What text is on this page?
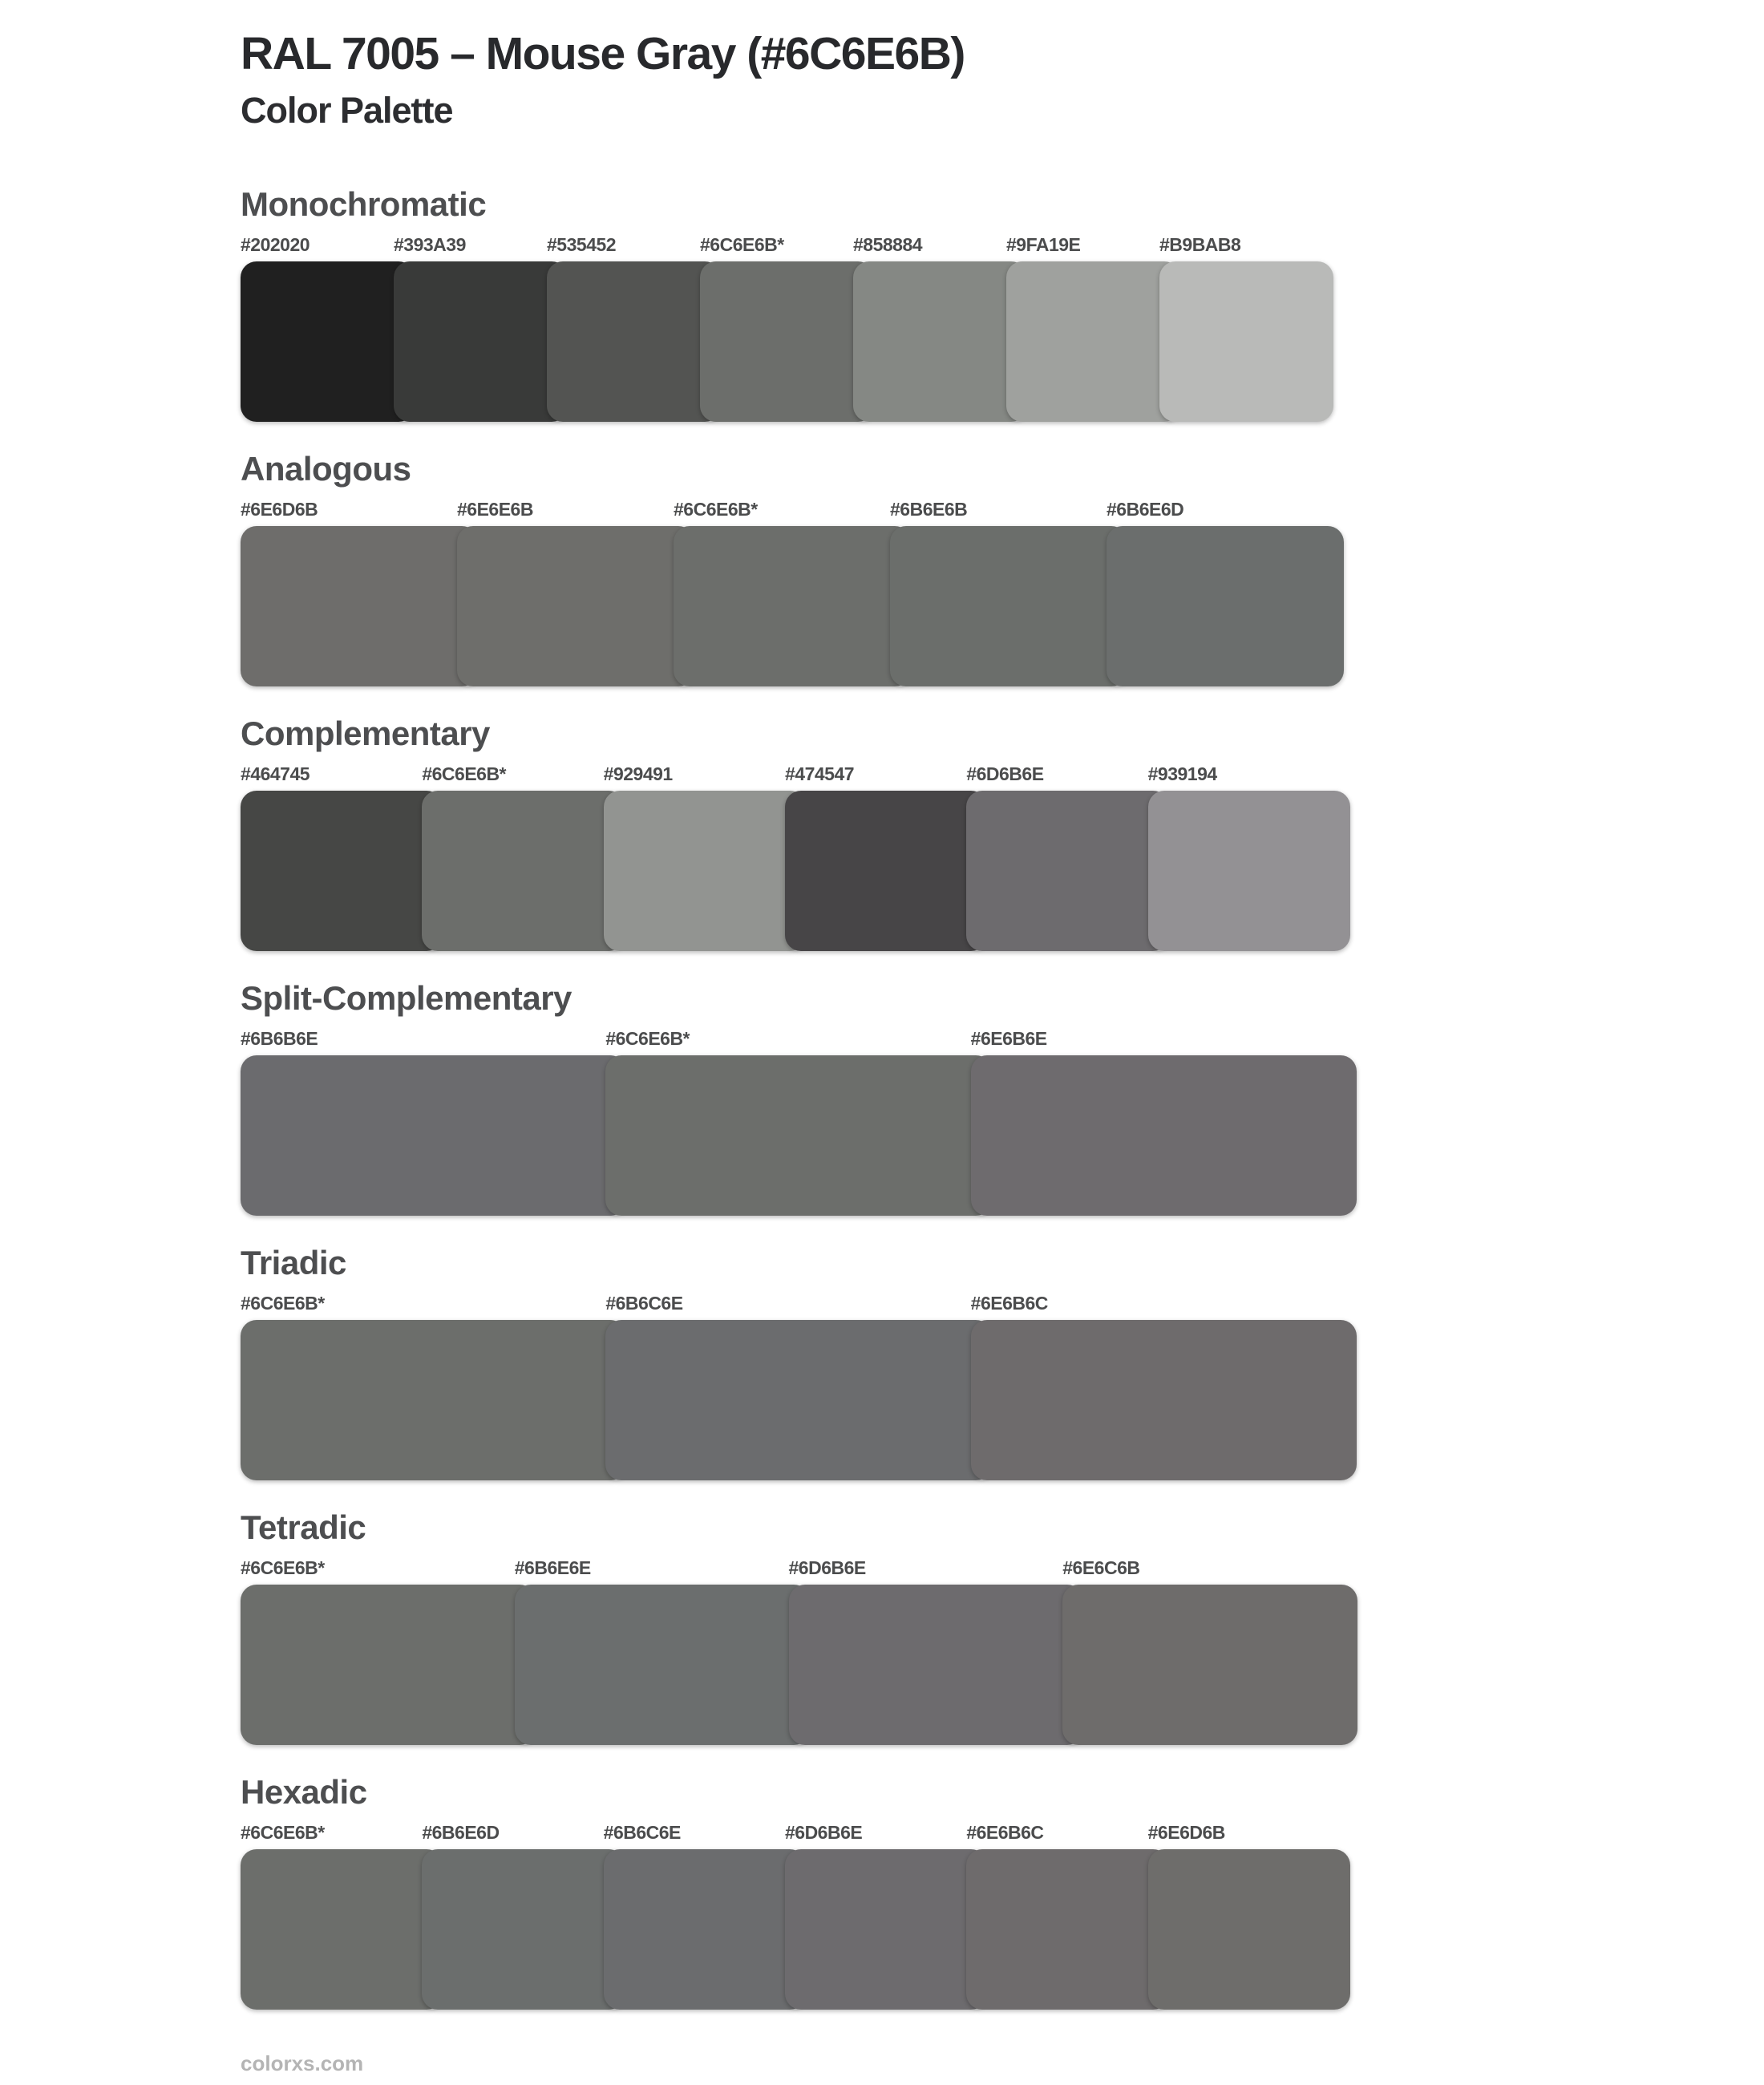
RAL 7005 – Mouse Gray (#6C6E6B)
Color Palette
Monochromatic
#202020	#393A39	#535452	#6C6E6B*	#858884	#9FA19E	#B9BAB8
Analogous
#6E6D6B	#6E6E6B	#6C6E6B*	#6B6E6B	#6B6E6D
Complementary
#464745	#6C6E6B*	#929491	#474547	#6D6B6E	#939194
Split-Complementary
#6B6B6E	#6C6E6B*	#6E6B6E
Triadic
#6C6E6B*	#6B6C6E	#6E6B6C
Tetradic
#6C6E6B*	#6B6E6E	#6D6B6E	#6E6C6B
Hexadic
#6C6E6B*	#6B6E6D	#6B6C6E	#6D6B6E	#6E6B6C	#6E6D6B
colorxs.com
